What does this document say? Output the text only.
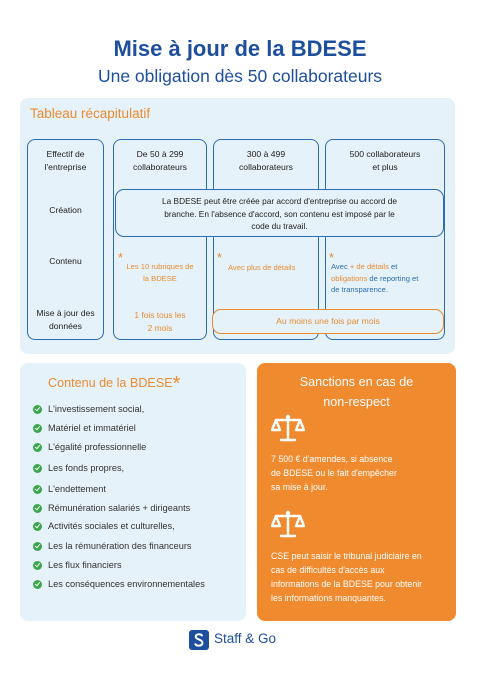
Mise à jour de la BDESE
Une obligation dès 50 collaborateurs
Tableau récapitulatif
Effectif de
l'entreprise
De 50 à 299
collaborateurs
300 à 499
collaborateurs
500 collaborateurs
et plus
Création
Contenu
Mise à jour des
données
La BDESE peut être créée par accord d'entreprise ou accord de
branche. En l'absence d'accord, son contenu est imposé par le
code du travail.
*
Les 10 rubriques de
la BDESE
*
Avec plus de détails
*
Avec + de détails et
obligations de reporting et
de transparence.
1 fois tous les
2 mois
Au moins une fois par mois
Contenu de la BDESE*
L'investissement social,
Matériel et immatériel
L'égalité professionnelle
Les fonds propres,
L'endettement
Rémunération salariés + dirigeants
Activités sociales et culturelles,
Les la rémunération des financeurs
Les flux financiers
Les conséquences environnementales
Sanctions en cas de
non-respect
7 500 € d'amendes, si absence
de BDESE ou le fait d'empêcher
sa mise à jour.
CSE peut saisir le tribunal judiciaire en
cas de difficultés d'accès aux
informations de la BDESE pour obtenir
les informations manquantes.
Staff & Go
